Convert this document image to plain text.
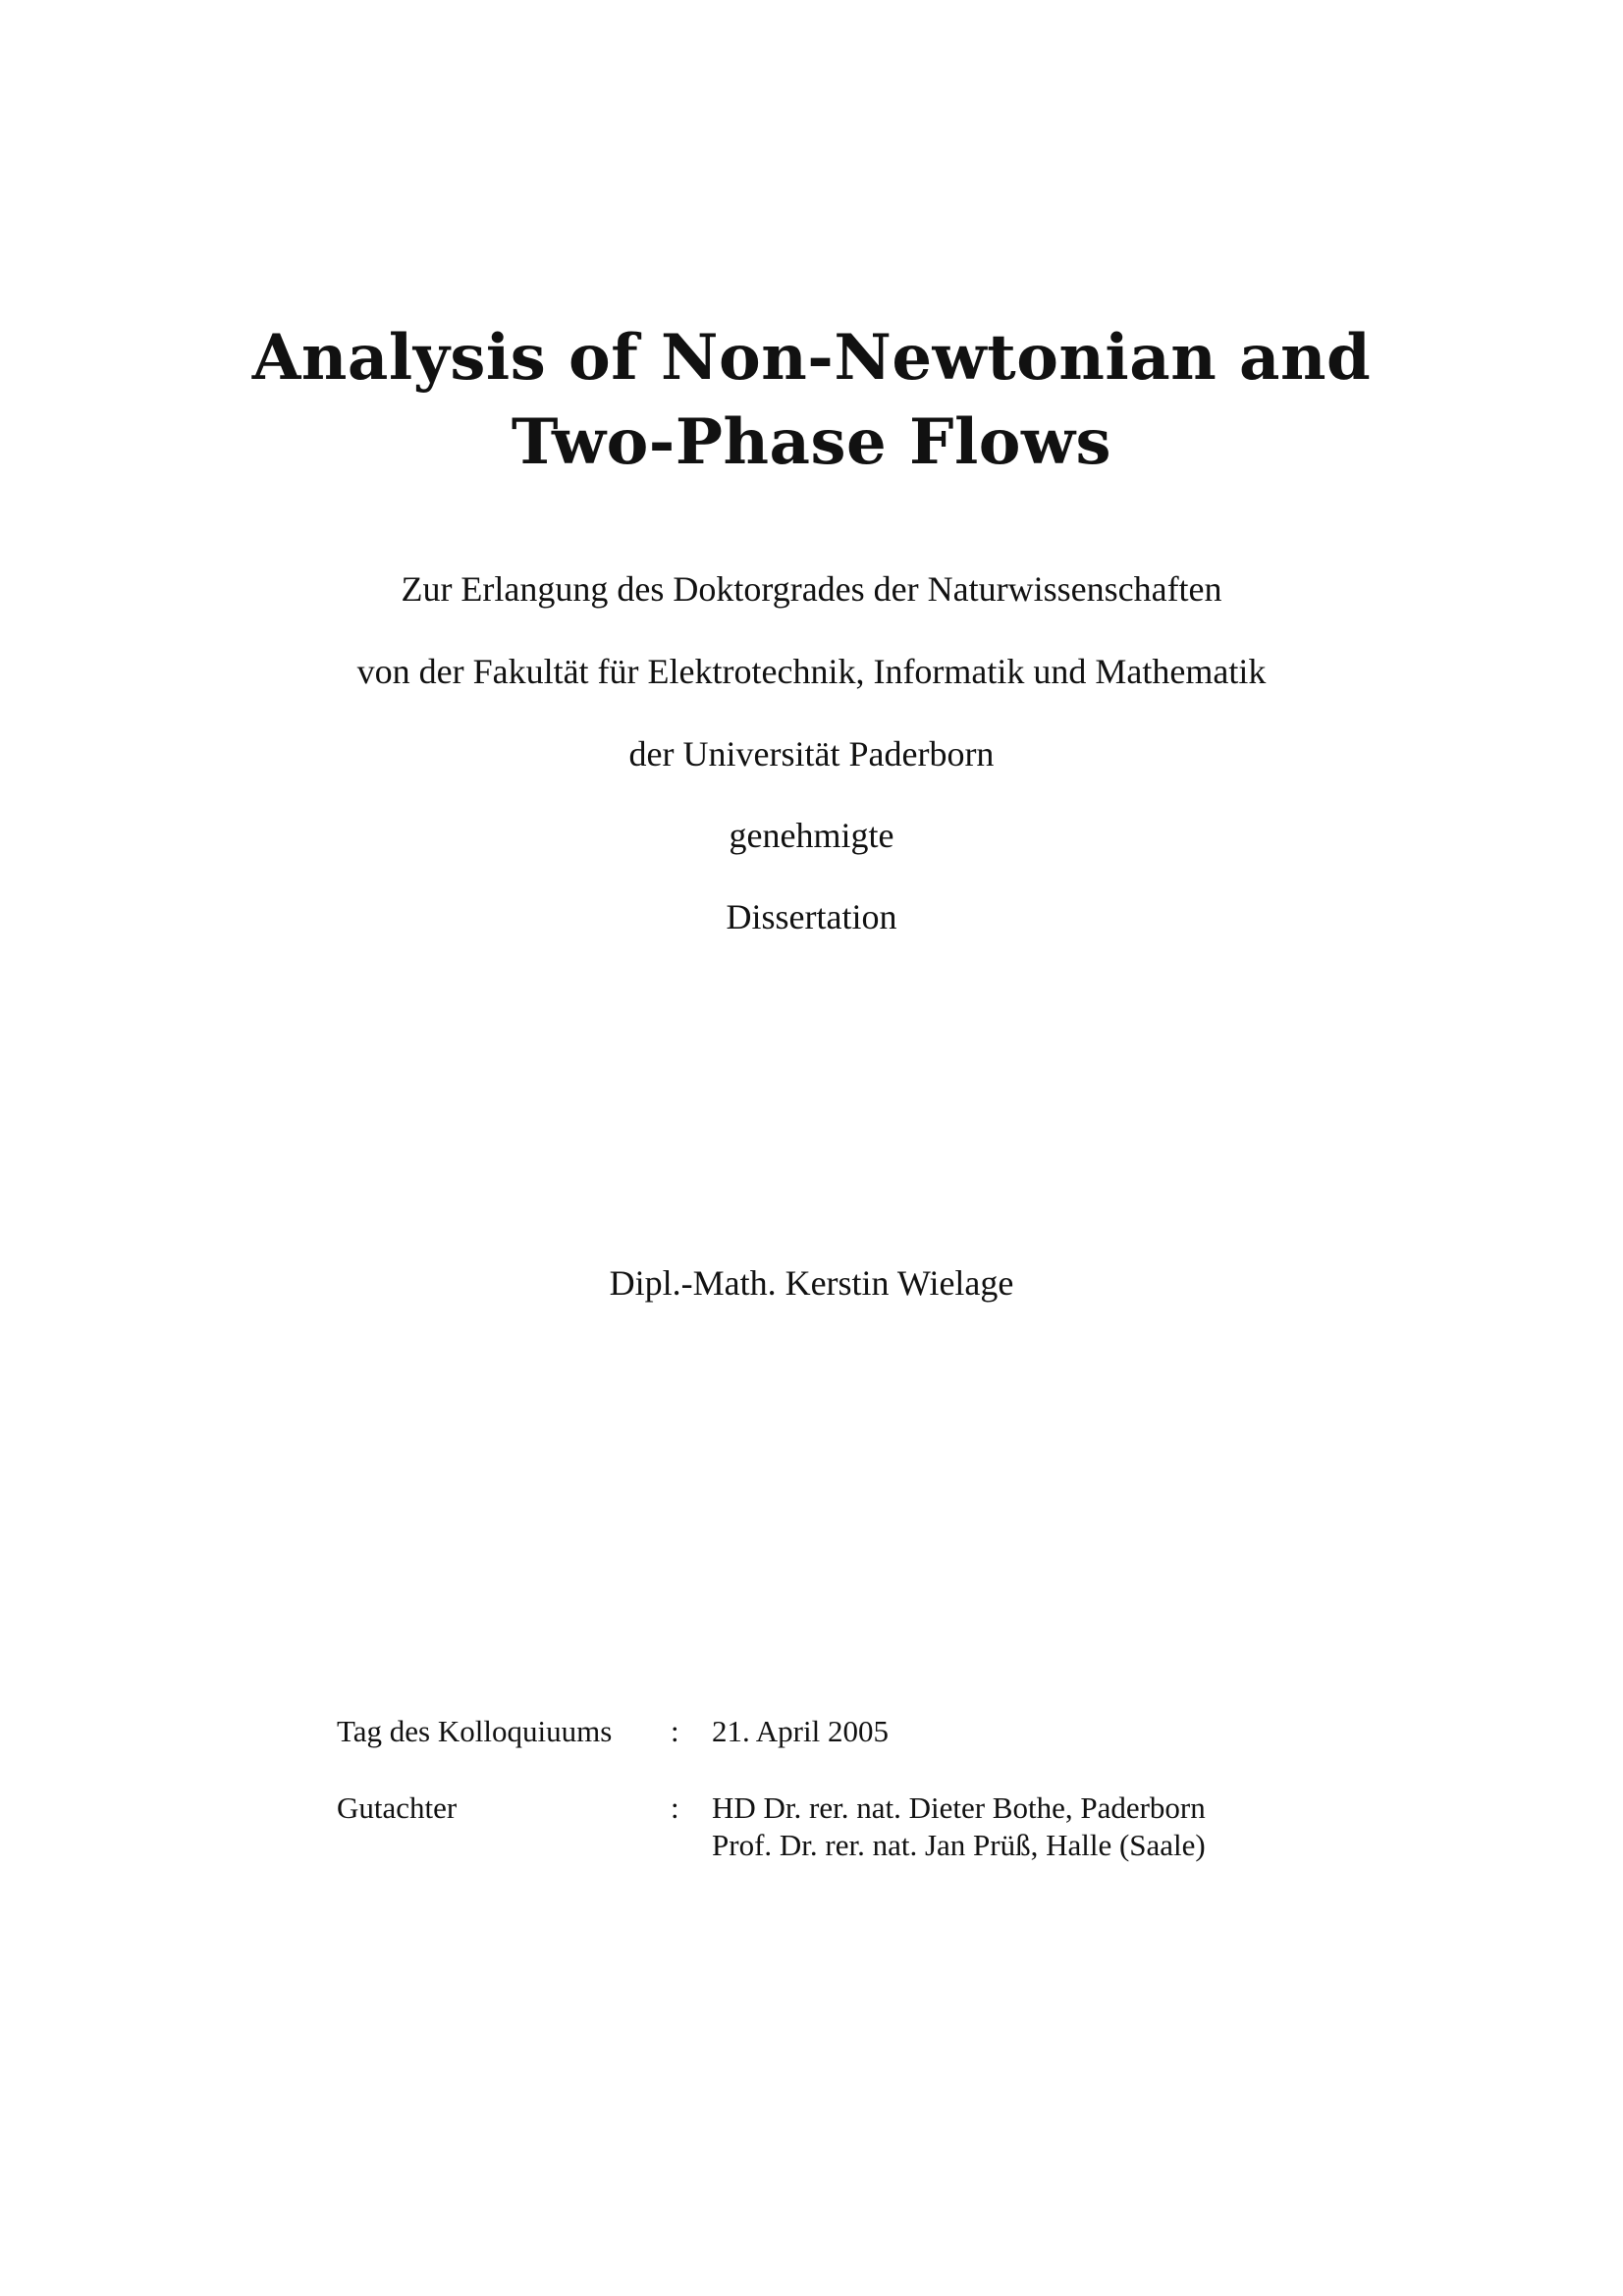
Analysis of Non-Newtonian and
Two-Phase Flows

Zur Erlangung des Doktorgrades der Naturwissenschaften

von der Fakultät für Elektrotechnik, Informatik und Mathematik

der Universität Paderborn

genehmigte

Dissertation

Dipl.-Math. Kerstin Wielage

Tag des Kolloquiuums	:	21. April 2005

Gutachter	:	HD Dr. rer. nat. Dieter Bothe, Paderborn
Prof. Dr. rer. nat. Jan Prüß, Halle (Saale)
